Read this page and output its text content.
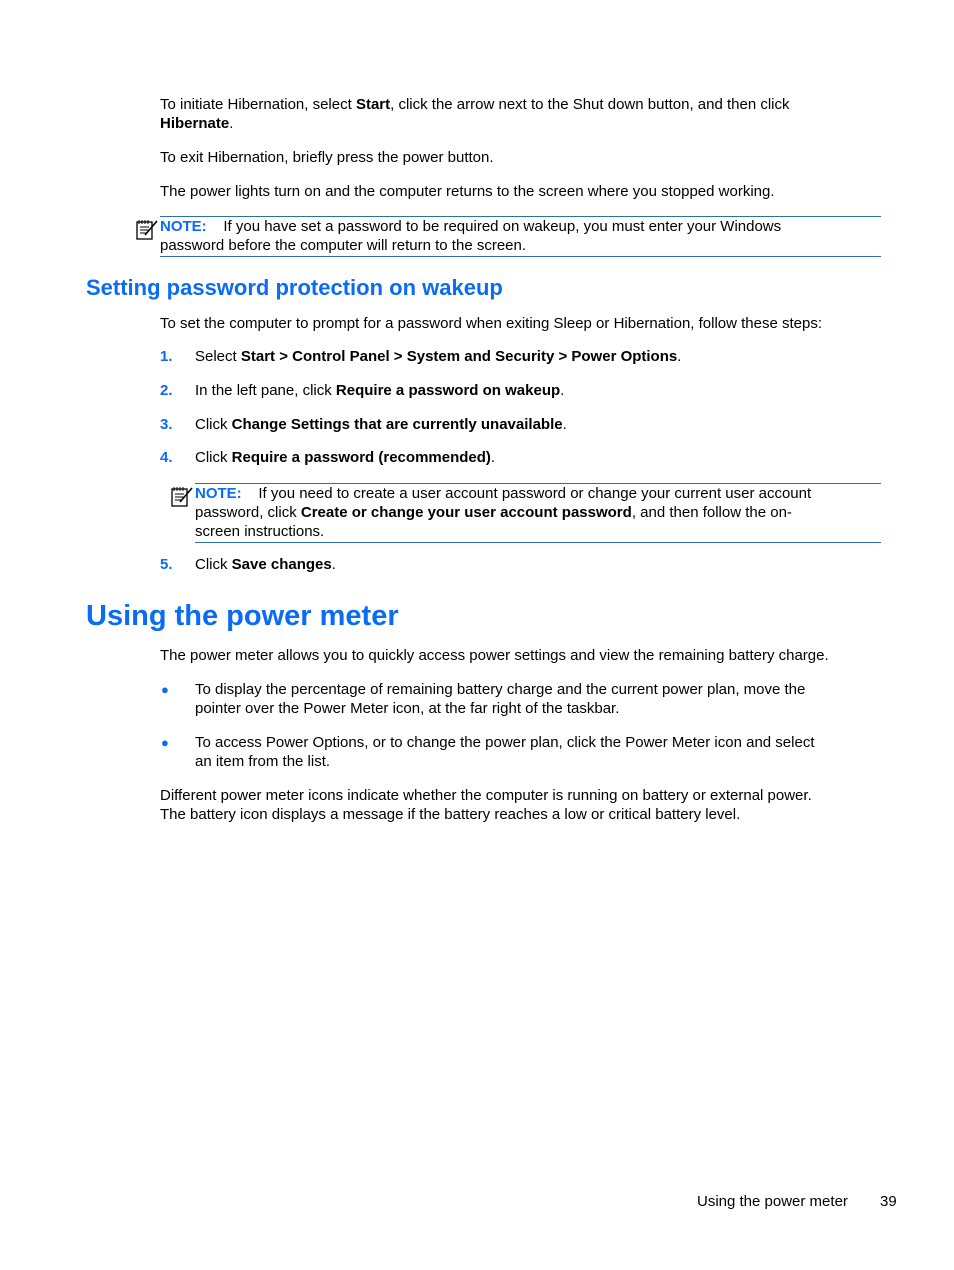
To initiate Hibernation, select Start, click the arrow next to the Shut down button, and then click
Hibernate.

To exit Hibernation, briefly press the power button.

The power lights turn on and the computer returns to the screen where you stopped working.

NOTE: If you have set a password to be required on wakeup, you must enter your Windows
password before the computer will return to the screen.
Setting password protection on wakeup

To set the computer to prompt for a password when exiting Sleep or Hibernation, follow these steps:

1. Select Start > Control Panel > System and Security > Power Options.

2. In the left pane, click Require a password on wakeup.

3. Click Change Settings that are currently unavailable.

4. Click Require a password (recommended).

NOTE: If you need to create a user account password or change your current user account
password, click Create or change your user account password, and then follow the on-
screen instructions.
5. Click Save changes.

Using the power meter

The power meter allows you to quickly access power settings and view the remaining battery charge.

● To display the percentage of remaining battery charge and the current power plan, move the
pointer over the Power Meter icon, at the far right of the taskbar.

● To access Power Options, or to change the power plan, click the Power Meter icon and select
an item from the list.

Different power meter icons indicate whether the computer is running on battery or external power.
The battery icon displays a message if the battery reaches a low or critical battery level.

Using the power meter 39
